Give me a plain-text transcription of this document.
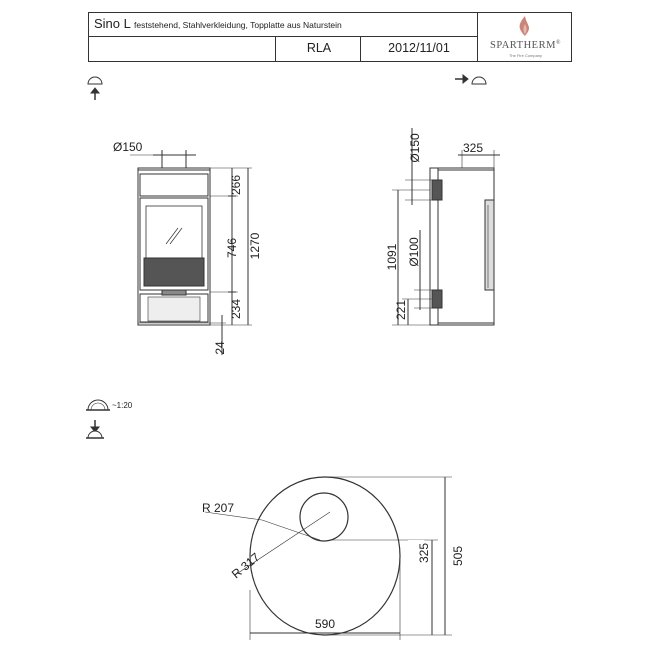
Sino L feststehend, Stahlverkleidung, Topplatte aus Naturstein
RLA	2012/11/01	SPARTHERM®
The Fire Company
Ø150
266
746 1270
234
24
Ø150	325
1091 Ø100
221
R 207
R 317
590
505
325
~1:20
